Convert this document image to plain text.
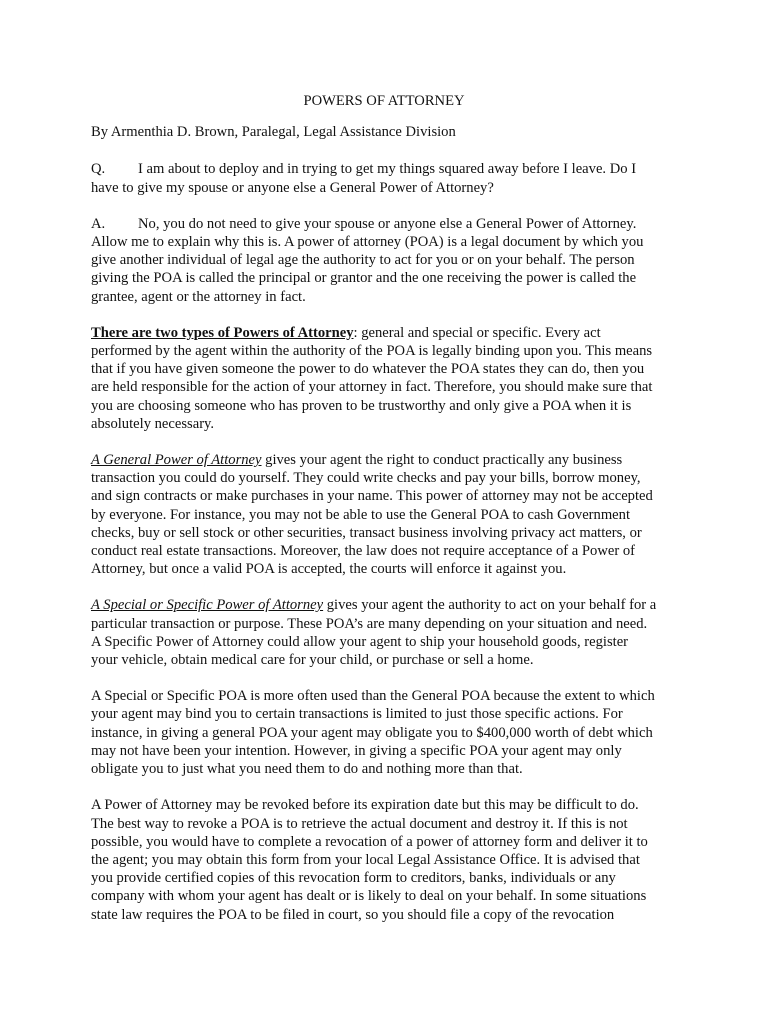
POWERS OF ATTORNEY
By Armenthia D. Brown, Paralegal, Legal Assistance Division
Q. I am about to deploy and in trying to get my things squared away before I leave. Do I
have to give my spouse or anyone else a General Power of Attorney?
A. No, you do not need to give your spouse or anyone else a General Power of Attorney.
Allow me to explain why this is. A power of attorney (POA) is a legal document by which you
give another individual of legal age the authority to act for you or on your behalf. The person
giving the POA is called the principal or grantor and the one receiving the power is called the
grantee, agent or the attorney in fact.
There are two types of Powers of Attorney: general and special or specific. Every act
performed by the agent within the authority of the POA is legally binding upon you. This means
that if you have given someone the power to do whatever the POA states they can do, then you
are held responsible for the action of your attorney in fact. Therefore, you should make sure that
you are choosing someone who has proven to be trustworthy and only give a POA when it is
absolutely necessary.
A General Power of Attorney gives your agent the right to conduct practically any business
transaction you could do yourself. They could write checks and pay your bills, borrow money,
and sign contracts or make purchases in your name. This power of attorney may not be accepted
by everyone. For instance, you may not be able to use the General POA to cash Government
checks, buy or sell stock or other securities, transact business involving privacy act matters, or
conduct real estate transactions. Moreover, the law does not require acceptance of a Power of
Attorney, but once a valid POA is accepted, the courts will enforce it against you.
A Special or Specific Power of Attorney gives your agent the authority to act on your behalf for a
particular transaction or purpose. These POA’s are many depending on your situation and need.
A Specific Power of Attorney could allow your agent to ship your household goods, register
your vehicle, obtain medical care for your child, or purchase or sell a home.
A Special or Specific POA is more often used than the General POA because the extent to which
your agent may bind you to certain transactions is limited to just those specific actions. For
instance, in giving a general POA your agent may obligate you to $400,000 worth of debt which
may not have been your intention. However, in giving a specific POA your agent may only
obligate you to just what you need them to do and nothing more than that.
A Power of Attorney may be revoked before its expiration date but this may be difficult to do.
The best way to revoke a POA is to retrieve the actual document and destroy it. If this is not
possible, you would have to complete a revocation of a power of attorney form and deliver it to
the agent; you may obtain this form from your local Legal Assistance Office. It is advised that
you provide certified copies of this revocation form to creditors, banks, individuals or any
company with whom your agent has dealt or is likely to deal on your behalf. In some situations
state law requires the POA to be filed in court, so you should file a copy of the revocation
